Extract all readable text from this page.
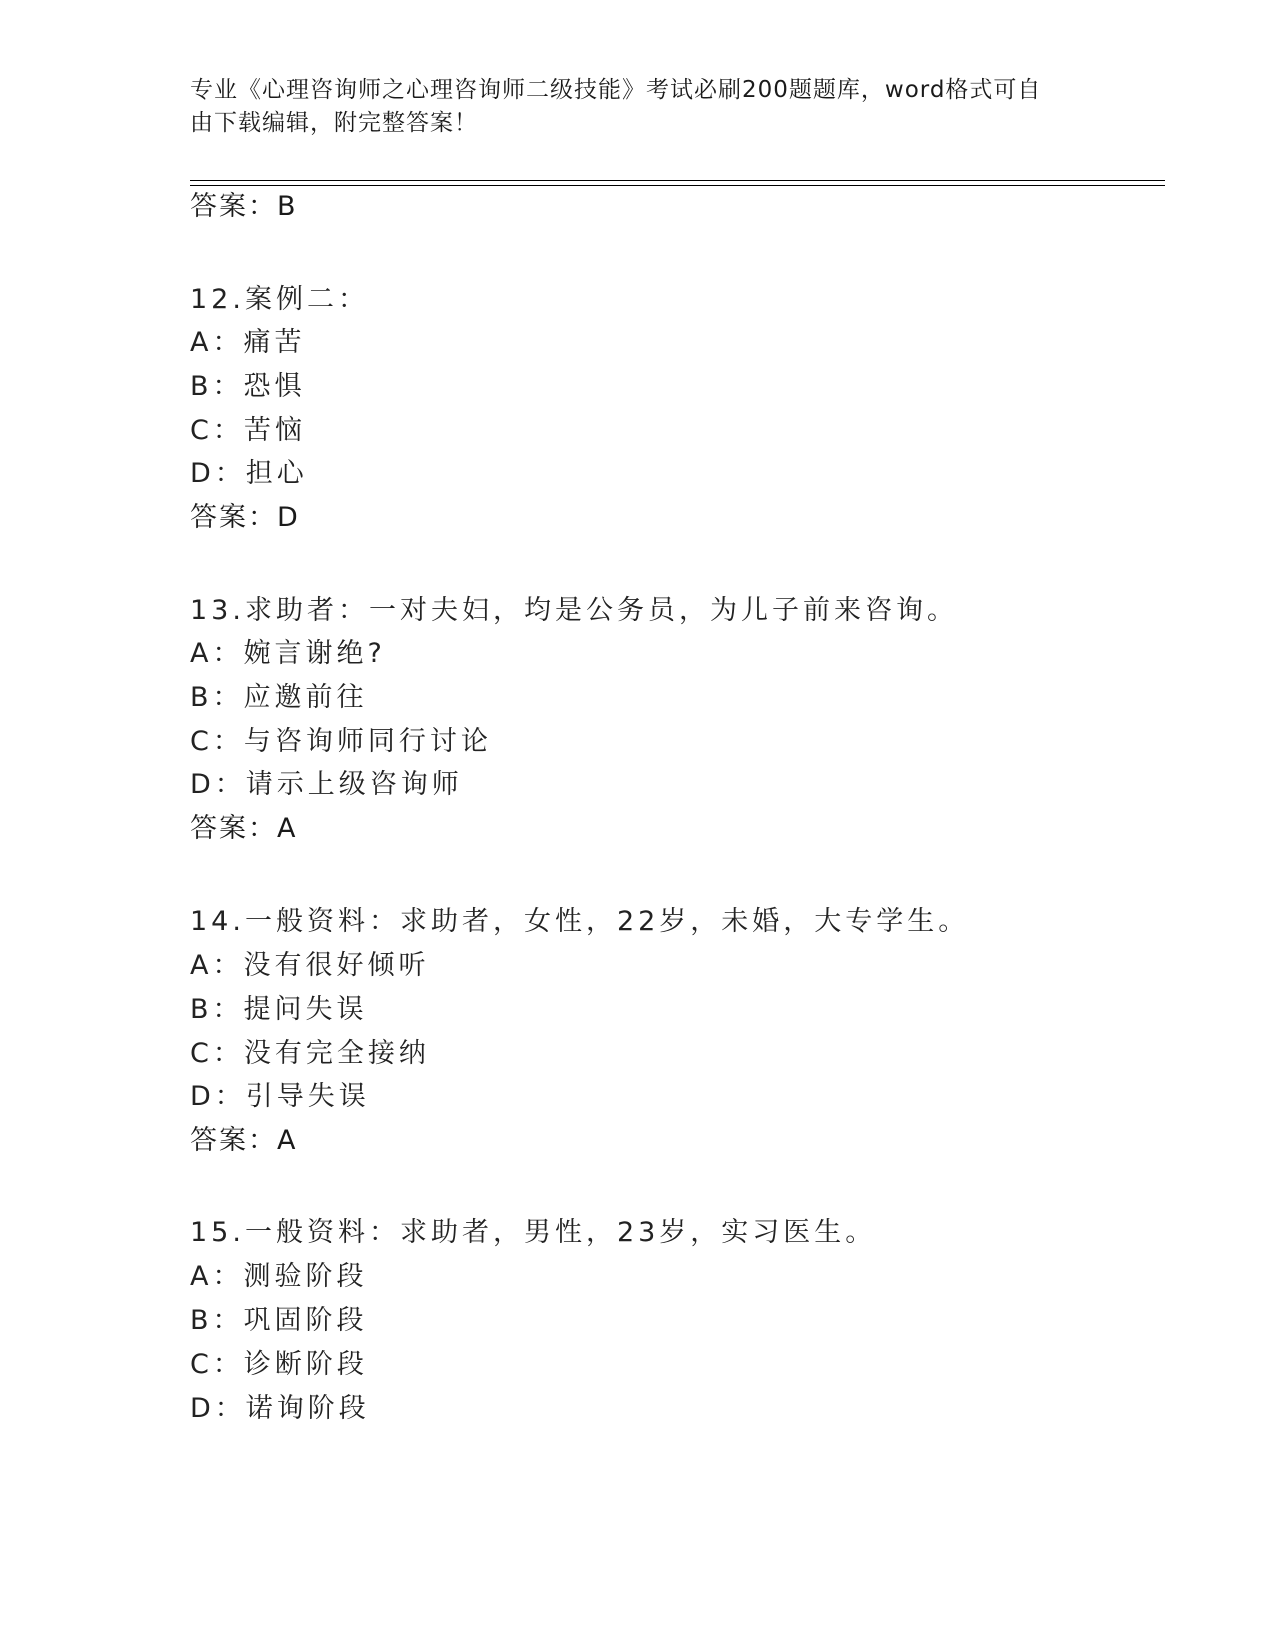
专业《心理咨询师之心理咨询师二级技能》考试必刷200题题库，word格式可自
由下载编辑，附完整答案！
答案：B
12.案例二：
A：痛苦
B：恐惧
C：苦恼
D：担心
答案：D
13.求助者：一对夫妇，均是公务员，为儿子前来咨询。
A：婉言谢绝?
B：应邀前往
C：与咨询师同行讨论
D：请示上级咨询师
答案：A
14.一般资料：求助者，女性，22岁，未婚，大专学生。
A：没有很好倾听
B：提问失误
C：没有完全接纳
D：引导失误
答案：A
15.一般资料：求助者，男性，23岁，实习医生。
A：测验阶段
B：巩固阶段
C：诊断阶段
D：诺询阶段
